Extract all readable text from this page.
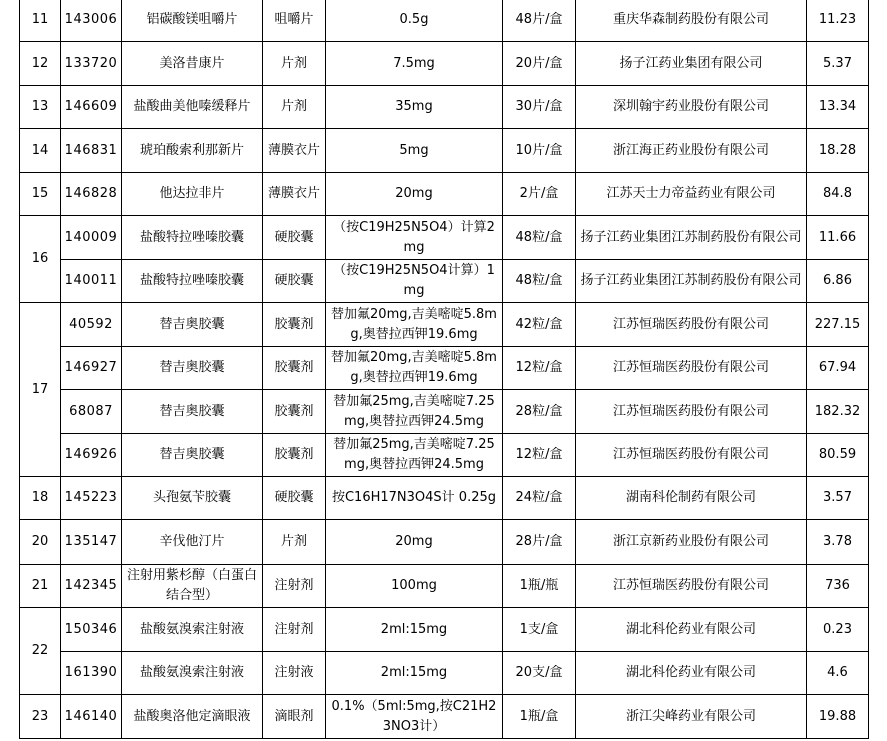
11	143006	铝碳酸镁咀嚼片	咀嚼片	0.5g	48片/盒	重庆华森制药股份有限公司	11.23
12	133720	美洛昔康片	片剂	7.5mg	20片/盒	扬子江药业集团有限公司	5.37
13	146609	盐酸曲美他嗪缓释片	片剂	35mg	30片/盒	深圳翰宇药业股份有限公司	13.34
14	146831	琥珀酸索利那新片	薄膜衣片	5mg	10片/盒	浙江海正药业股份有限公司	18.28
15	146828	他达拉非片	薄膜衣片	20mg	2片/盒	江苏天士力帝益药业有限公司	84.8
16	140009	盐酸特拉唑嗪胶囊	硬胶囊	（按C19H25N5O4）计算2mg	48粒/盒	扬子江药业集团江苏制药股份有限公司	11.66
	140011	盐酸特拉唑嗪胶囊	硬胶囊	（按C19H25N5O4计算）1mg	48粒/盒	扬子江药业集团江苏制药股份有限公司	6.86
17	40592	替吉奥胶囊	胶囊剂	替加氟20mg,吉美嘧啶5.8mg,奥替拉西钾19.6mg	42粒/盒	江苏恒瑞医药股份有限公司	227.15
	146927	替吉奥胶囊	胶囊剂	替加氟20mg,吉美嘧啶5.8mg,奥替拉西钾19.6mg	12粒/盒	江苏恒瑞医药股份有限公司	67.94
	68087	替吉奥胶囊	胶囊剂	替加氟25mg,吉美嘧啶7.25mg,奥替拉西钾24.5mg	28粒/盒	江苏恒瑞医药股份有限公司	182.32
	146926	替吉奥胶囊	胶囊剂	替加氟25mg,吉美嘧啶7.25mg,奥替拉西钾24.5mg	12粒/盒	江苏恒瑞医药股份有限公司	80.59
18	145223	头孢氨苄胶囊	硬胶囊	按C16H17N3O4S计 0.25g	24粒/盒	湖南科伦制药有限公司	3.57
20	135147	辛伐他汀片	片剂	20mg	28片/盒	浙江京新药业股份有限公司	3.78
21	142345	注射用紫杉醇（白蛋白结合型）	注射剂	100mg	1瓶/瓶	江苏恒瑞医药股份有限公司	736
22	150346	盐酸氨溴索注射液	注射剂	2ml:15mg	1支/盒	湖北科伦药业有限公司	0.23
	161390	盐酸氨溴索注射液	注射液	2ml:15mg	20支/盒	湖北科伦药业有限公司	4.6
23	146140	盐酸奥洛他定滴眼液	滴眼剂	0.1%（5ml:5mg,按C21H23NO3计）	1瓶/盒	浙江尖峰药业有限公司	19.88
